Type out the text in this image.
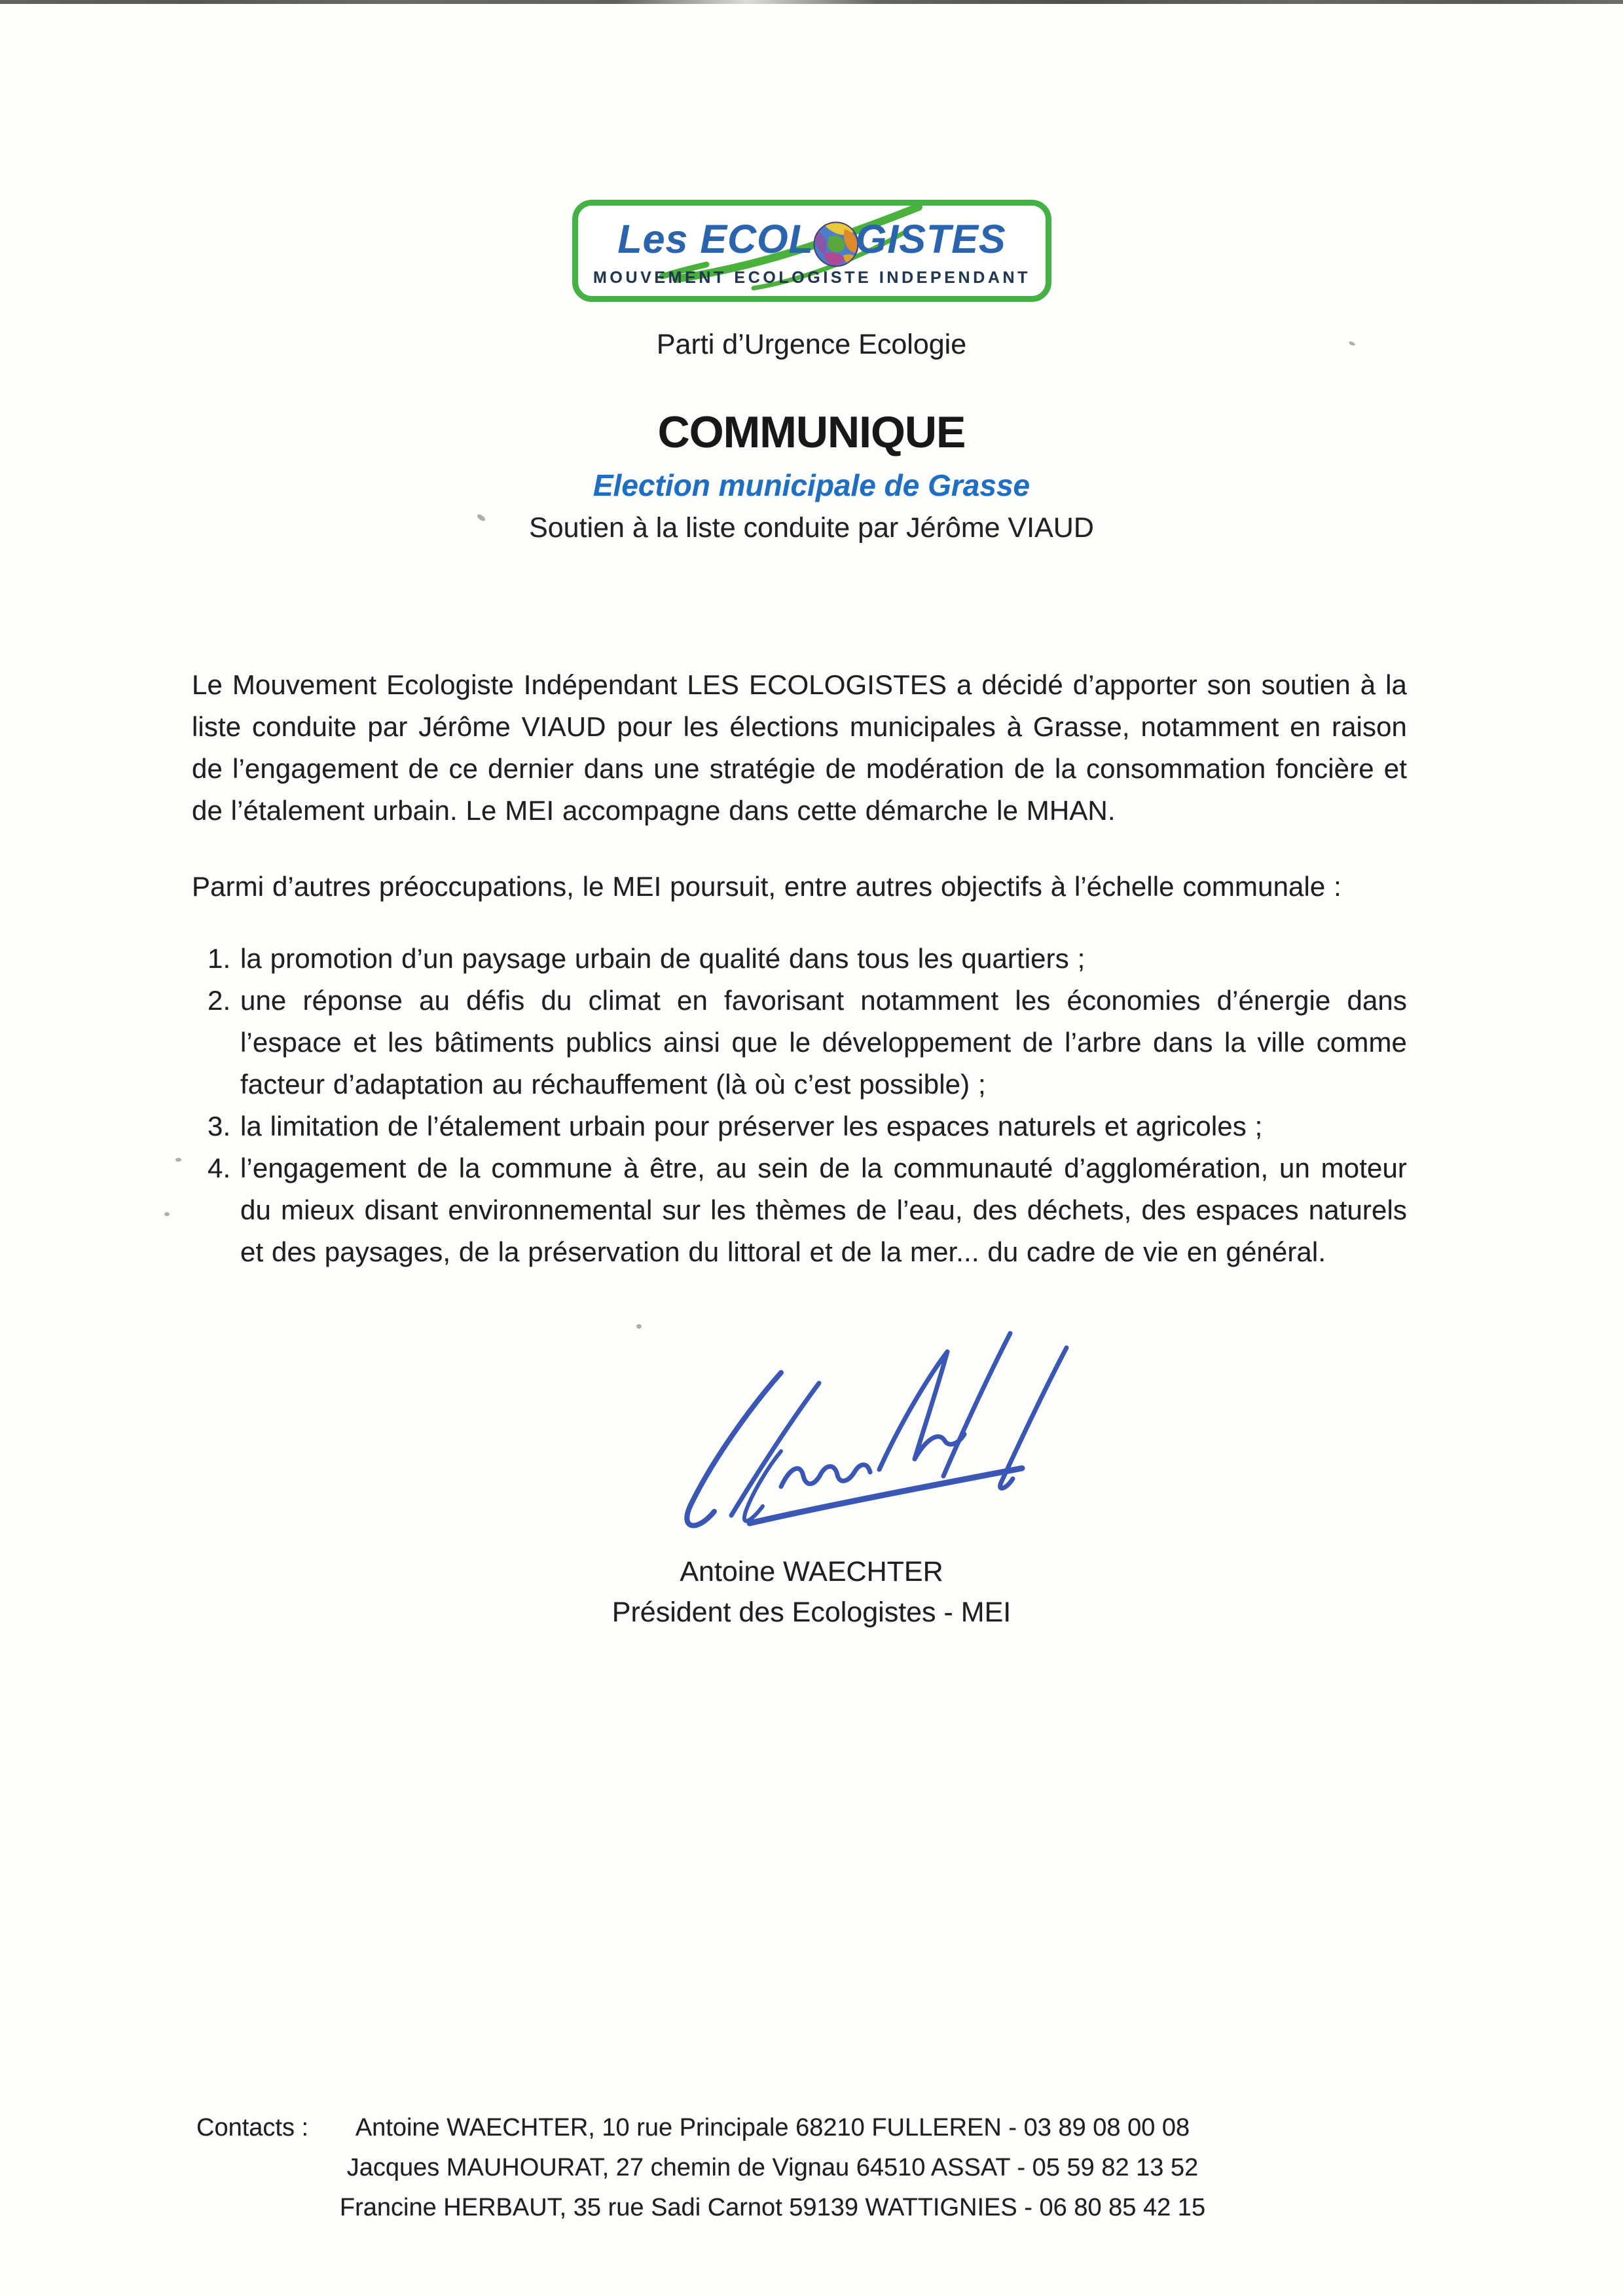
Les ECOL GISTES
MOUVEMENT ECOLOGISTE INDEPENDANT
Parti d’Urgence Ecologie
COMMUNIQUE
Election municipale de Grasse
Soutien à la liste conduite par Jérôme VIAUD
Le Mouvement Ecologiste Indépendant LES ECOLOGISTES a décidé d’apporter son soutien à la liste conduite par Jérôme VIAUD pour les élections municipales à Grasse, notamment en raison de l’engagement de ce dernier dans une stratégie de modération de la consommation foncière et de l’étalement urbain. Le MEI accompagne dans cette démarche le MHAN.
Parmi d’autres préoccupations, le MEI poursuit, entre autres objectifs à l’échelle communale :
1. la promotion d’un paysage urbain de qualité dans tous les quartiers ;
2. une réponse au défis du climat en favorisant notamment les économies d’énergie dans l’espace et les bâtiments publics ainsi que le développement de l’arbre dans la ville comme facteur d’adaptation au réchauffement (là où c’est possible) ;
3. la limitation de l’étalement urbain pour préserver les espaces naturels et agricoles ;
4. l’engagement de la commune à être, au sein de la communauté d’agglomération, un moteur du mieux disant environnemental sur les thèmes de l’eau, des déchets, des espaces naturels et des paysages, de la préservation du littoral et de la mer... du cadre de vie en général.
Antoine WAECHTER
Président des Ecologistes - MEI
Contacts :	Antoine WAECHTER, 10 rue Principale 68210 FULLEREN - 03 89 08 00 08
Jacques MAUHOURAT, 27 chemin de Vignau 64510 ASSAT - 05 59 82 13 52
Francine HERBAUT, 35 rue Sadi Carnot 59139 WATTIGNIES - 06 80 85 42 15
